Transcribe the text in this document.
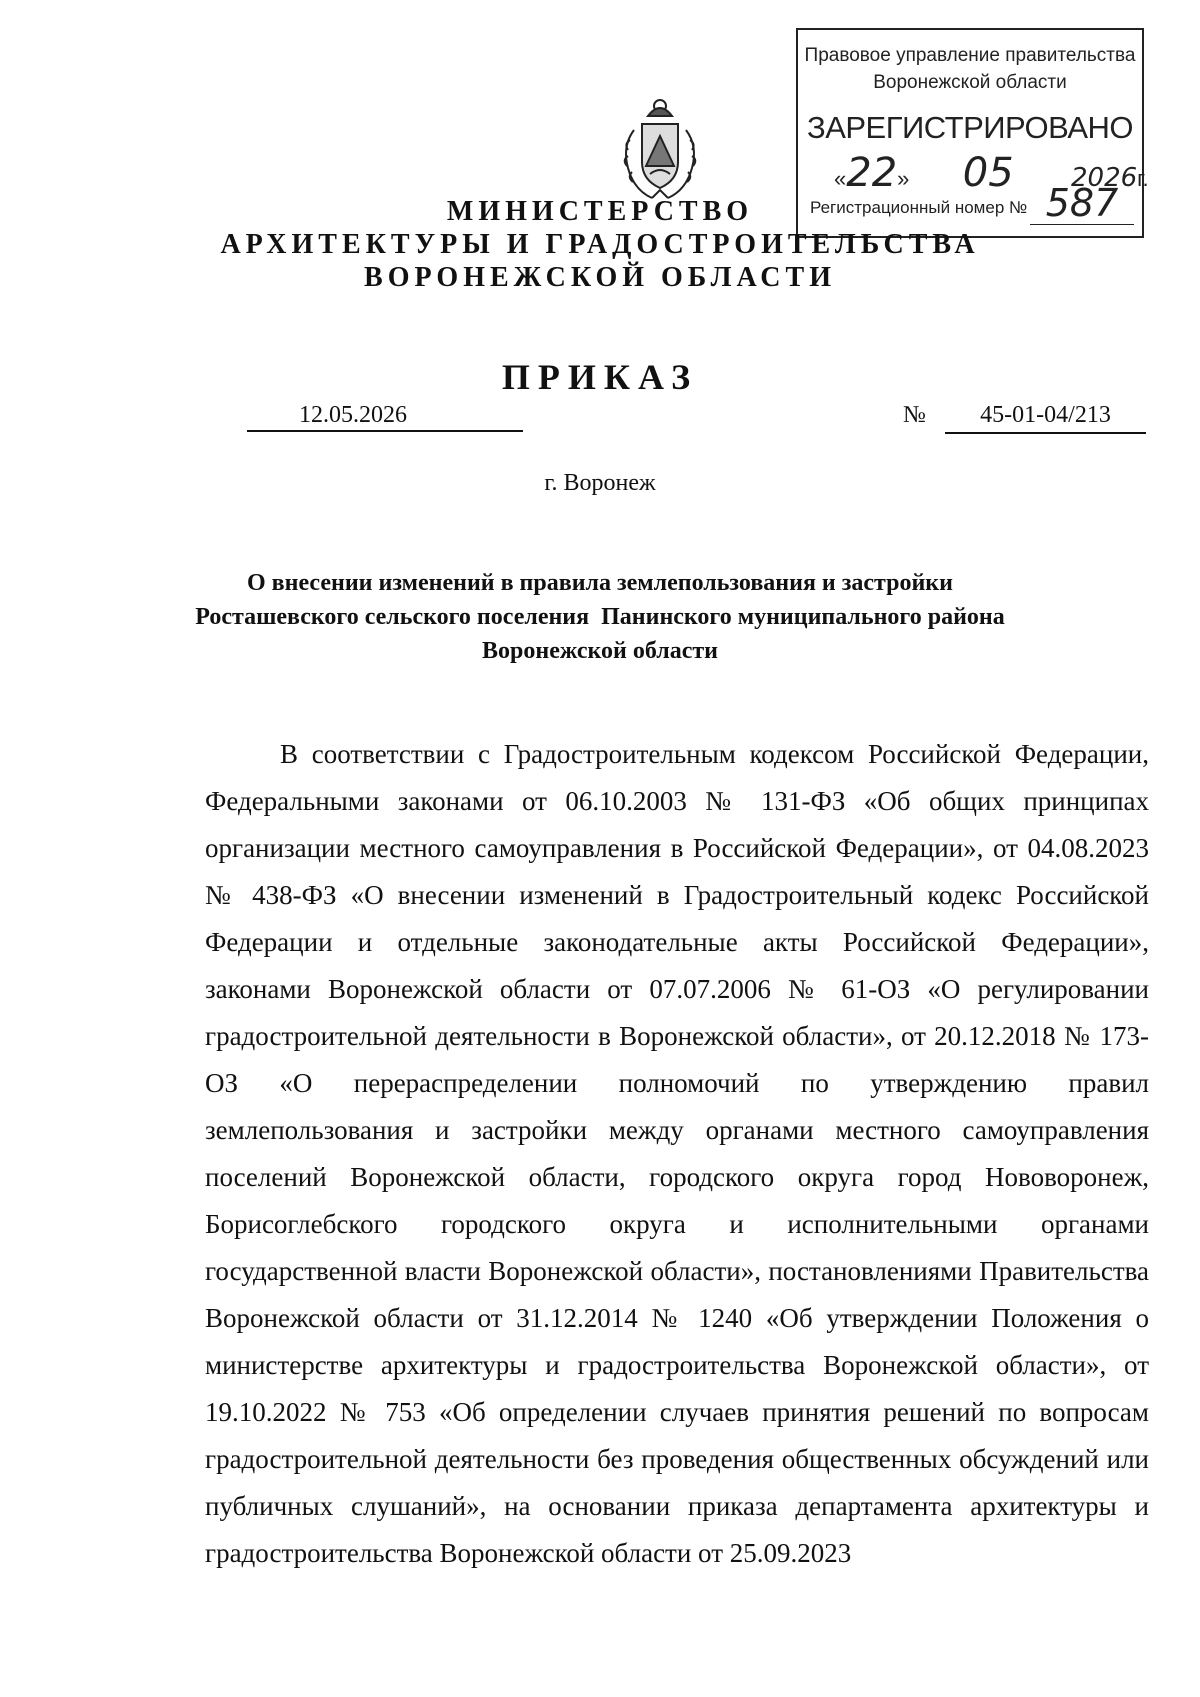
Правовое управление правительства
Воронежской области
ЗАРЕГИСТРИРОВАНО
«22» 05 2026г.
Регистрационный номер № 587
МИНИСТЕРСТВО
АРХИТЕКТУРЫ И ГРАДОСТРОИТЕЛЬСТВА
ВОРОНЕЖСКОЙ ОБЛАСТИ
ПРИКАЗ
12.05.2026	№	45-01-04/213
г. Воронеж
О внесении изменений в правила землепользования и застройки
Росташевского сельского поселения  Панинского муниципального района
Воронежской области
В соответствии с Градостроительным кодексом Российской Федерации, Федеральными законами от 06.10.2003 № 131-ФЗ «Об общих принципах организации местного самоуправления в Российской Федерации», от 04.08.2023 № 438-ФЗ «О внесении изменений в Градостроительный кодекс Российской Федерации и отдельные законодательные акты Российской Федерации», законами Воронежской области от 07.07.2006 № 61-ОЗ «О регулировании градостроительной деятельности в Воронежской области», от 20.12.2018 № 173-ОЗ «О перераспределении полномочий по утверждению правил землепользования и застройки между органами местного самоуправления поселений Воронежской области, городского округа город Нововоронеж, Борисоглебского городского округа и исполнительными органами государственной власти Воронежской области», постановлениями Правительства Воронежской области от 31.12.2014 № 1240 «Об утверждении Положения о министерстве архитектуры и градостроительства Воронежской области», от 19.10.2022 № 753 «Об определении случаев принятия решений по вопросам градостроительной деятельности без проведения общественных обсуждений или публичных слушаний», на основании приказа департамента архитектуры и градостроительства Воронежской области от 25.09.2023
